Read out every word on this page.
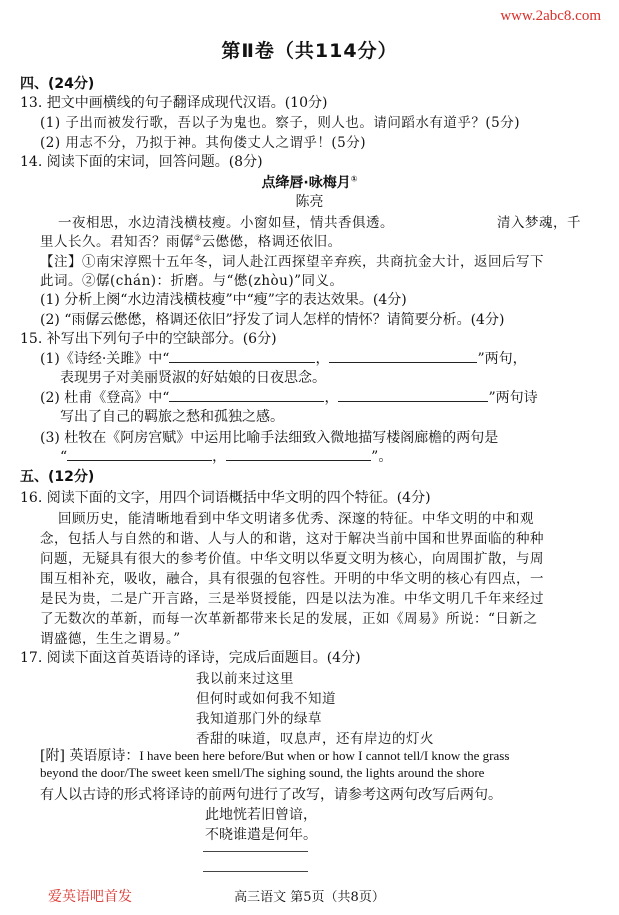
www.2abc8.com
第Ⅱ卷（共114分）
四、(24分)
13. 把文中画横线的句子翻译成现代汉语。(10分)
(1) 子出而被发行歌，吾以子为鬼也。察子，则人也。请问蹈水有道乎？(5分)
(2) 用志不分，乃拟于神。其佝偻丈人之谓乎！(5分)
14. 阅读下面的宋词，回答问题。(8分)
点绛唇·咏梅月①
陈亮
一夜相思，水边清浅横枝瘦。小窗如昼，情共香俱透。	清入梦魂，千
里人长久。君知否？雨僝②云僽僽，格调还依旧。
【注】①南宋淳熙十五年冬，词人赴江西探望辛弃疾，共商抗金大计，返回后写下
此词。②僝(chán)：折磨。与“僽(zhòu)”同义。
(1) 分析上阕“水边清浅横枝瘦”中“瘦”字的表达效果。(4分)
(2) “雨僝云僽僽，格调还依旧”抒发了词人怎样的情怀？请简要分析。(4分)
15. 补写出下列句子中的空缺部分。(6分)
(1)《诗经·关雎》中“	，	”两句，
表现男子对美丽贤淑的好姑娘的日夜思念。
(2) 杜甫《登高》中“	，	”两句诗
写出了自己的羁旅之愁和孤独之感。
(3) 杜牧在《阿房宫赋》中运用比喻手法细致入微地描写楼阁廊檐的两句是
“	，	”。
五、(12分)
16. 阅读下面的文字，用四个词语概括中华文明的四个特征。(4分)
回顾历史，能清晰地看到中华文明诸多优秀、深邃的特征。中华文明的中和观
念，包括人与自然的和谐、人与人的和谐，这对于解决当前中国和世界面临的种种
问题，无疑具有很大的参考价值。中华文明以华夏文明为核心，向周围扩散，与周
围互相补充，吸收，融合，具有很强的包容性。开明的中华文明的核心有四点，一
是民为贵，二是广开言路，三是举贤授能，四是以法为准。中华文明几千年来经过
了无数次的革新，而每一次革新都带来长足的发展，正如《周易》所说：“日新之
谓盛德，生生之谓易。”
17. 阅读下面这首英语诗的译诗，完成后面题目。(4分)
我以前来过这里
但何时或如何我不知道
我知道那门外的绿草
香甜的味道，叹息声，还有岸边的灯火
[附] 英语原诗：I have been here before/But when or how I cannot tell/I know the grass
beyond the door/The sweet keen smell/The sighing sound, the lights around the shore
有人以古诗的形式将译诗的前两句进行了改写，请参考这两句改写后两句。
此地恍若旧曾谙，
不晓谁遣是何年。
爱英语吧首发	高三语文 第5页（共8页）
